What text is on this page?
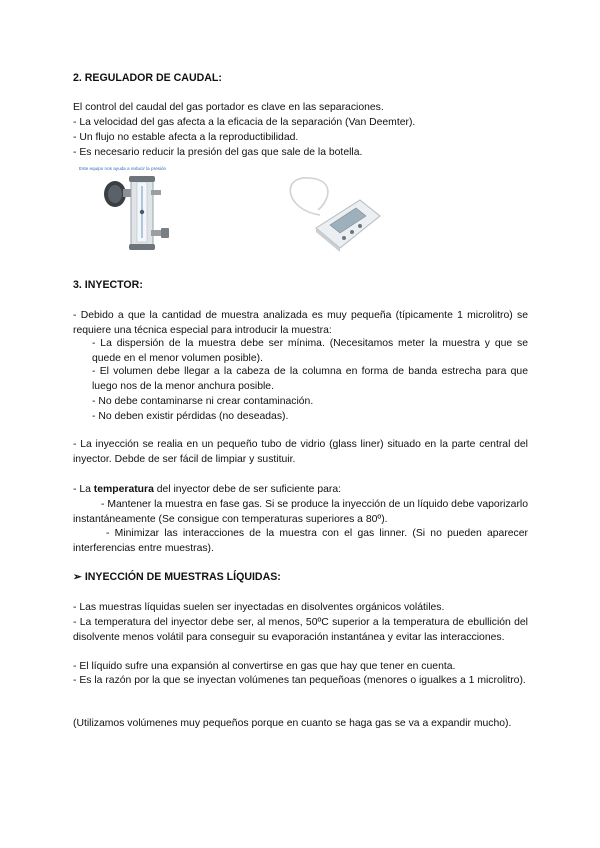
2. REGULADOR DE CAUDAL:
El control del caudal del gas portador es clave en las separaciones.
- La velocidad del gas afecta a la eficacia de la separación (Van Deemter).
- Un flujo no estable afecta a la reproductibilidad.
- Es necesario reducir la presión del gas que sale de la botella.
Este equipo nos ayuda a reducir la presión
3. INYECTOR:
- Debido a que la cantidad de muestra analizada es muy pequeña (típicamente 1 microlitro) se requiere una técnica especial para introducir la muestra:
- La dispersión de la muestra debe ser mínima. (Necesitamos meter la muestra y que se quede en el menor volumen posible).
- El volumen debe llegar a la cabeza de la columna en forma de banda estrecha para que luego nos de la menor anchura posible.
- No debe contaminarse ni crear contaminación.
- No deben existir pérdidas (no deseadas).
- La inyección se realia en un pequeño tubo de vidrio (glass liner) situado en la parte central del inyector. Debde de ser fácil de limpiar y sustituir.
- La temperatura del inyector debe de ser suficiente para:
- Mantener la muestra en fase gas. Si se produce la inyección de un líquido debe vaporizarlo instantáneamente (Se consigue con temperaturas superiores a 80º).
- Minimizar las interacciones de la muestra con el gas linner. (Si no pueden aparecer interferencias entre muestras).
➢ INYECCIÓN DE MUESTRAS LÍQUIDAS:
- Las muestras líquidas suelen ser inyectadas en disolventes orgánicos volátiles.
- La temperatura del inyector debe ser, al menos, 50ºC superior a la temperatura de ebullición del disolvente menos volátil para conseguir su evaporación instantánea y evitar las interacciones.
- El líquido sufre una expansión al convertirse en gas que hay que tener en cuenta.
- Es la razón por la que se inyectan volúmenes tan pequeñoas (menores o igualkes a 1 microlitro).
(Utilizamos volúmenes muy pequeños porque en cuanto se haga gas se va a expandir mucho).
